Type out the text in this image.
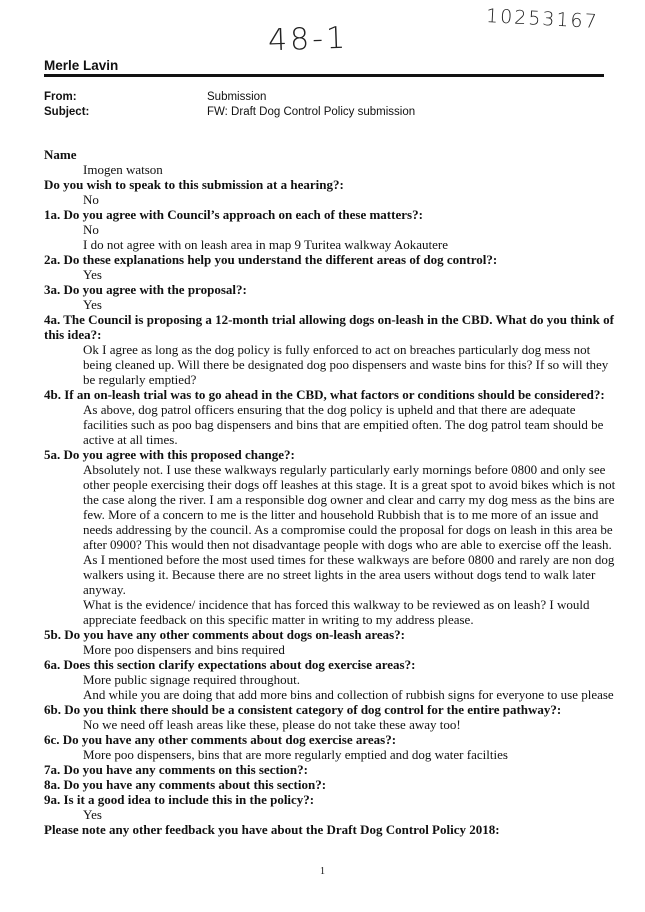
48-1
10253167
Merle Lavin
From:	Submission
Subject:	FW: Draft Dog Control Policy submission
Name
Imogen watson
Do you wish to speak to this submission at a hearing?:
No
1a. Do you agree with Council’s approach on each of these matters?:
No
I do not agree with on leash area in map 9 Turitea walkway Aokautere
2a. Do these explanations help you understand the different areas of dog control?:
Yes
3a. Do you agree with the proposal?:
Yes
4a. The Council is proposing a 12-month trial allowing dogs on-leash in the CBD. What do you think of this idea?:
Ok I agree as long as the dog policy is fully enforced to act on breaches particularly dog mess not being cleaned up. Will there be designated dog poo dispensers and waste bins for this? If so will they be regularly emptied?
4b. If an on-leash trial was to go ahead in the CBD, what factors or conditions should be considered?:
As above, dog patrol officers ensuring that the dog policy is upheld and that there are adequate facilities such as poo bag dispensers and bins that are empitied often. The dog patrol team should be active at all times.
5a. Do you agree with this proposed change?:
Absolutely not. I use these walkways regularly particularly early mornings before 0800 and only see other people exercising their dogs off leashes at this stage. It is a great spot to avoid bikes which is not the case along the river. I am a responsible dog owner and clear and carry my dog mess as the bins are few. More of a concern to me is the litter and household Rubbish that is to me more of an issue and needs addressing by the council. As a compromise could the proposal for dogs on leash in this area be after 0900? This would then not disadvantage people with dogs who are able to exercise off the leash. As I mentioned before the most used times for these walkways are before 0800 and rarely are non dog walkers using it. Because there are no street lights in the area users without dogs tend to walk later anyway.
What is the evidence/ incidence that has forced this walkway to be reviewed as on leash? I would appreciate feedback on this specific matter in writing to my address please.
5b. Do you have any other comments about dogs on-leash areas?:
More poo dispensers and bins required
6a. Does this section clarify expectations about dog exercise areas?:
More public signage required throughout.
And while you are doing that add more bins and collection of rubbish signs for everyone to use please
6b. Do you think there should be a consistent category of dog control for the entire pathway?:
No we need off leash areas like these, please do not take these away too!
6c. Do you have any other comments about dog exercise areas?:
More poo dispensers, bins that are more regularly emptied and dog water facilties
7a. Do you have any comments on this section?:
8a. Do you have any comments about this section?:
9a. Is it a good idea to include this in the policy?:
Yes
Please note any other feedback you have about the Draft Dog Control Policy 2018:
1
